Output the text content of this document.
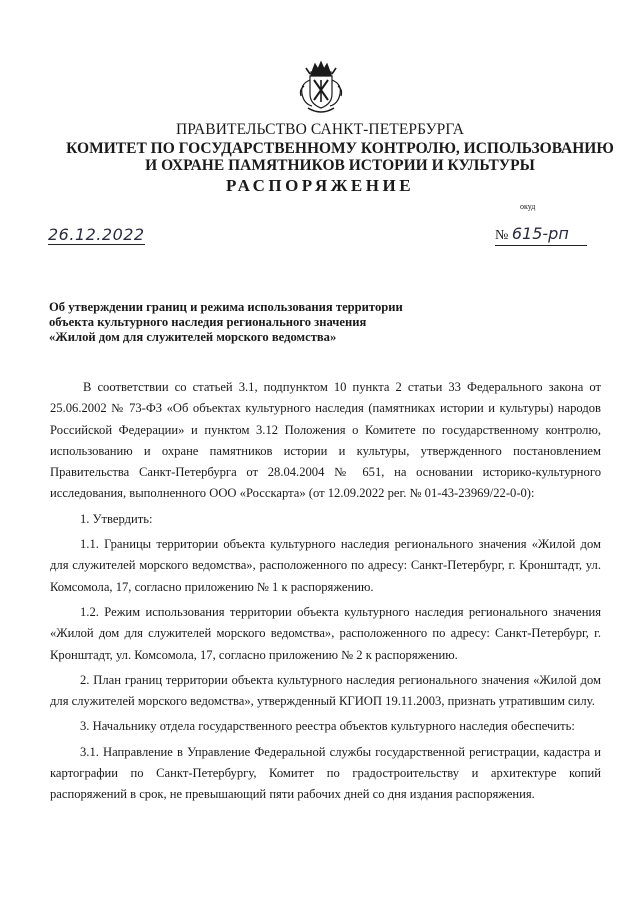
ПРАВИТЕЛЬСТВО САНКТ-ПЕТЕРБУРГА
КОМИТЕТ ПО ГОСУДАРСТВЕННОМУ КОНТРОЛЮ, ИСПОЛЬЗОВАНИЮ
И ОХРАНЕ ПАМЯТНИКОВ ИСТОРИИ И КУЛЬТУРЫ
РАСПОРЯЖЕНИЕ
окуд
26.12.2022	№ 615-рп
Об утверждении границ и режима использования территории
объекта культурного наследия регионального значения
«Жилой дом для служителей морского ведомства»

В соответствии со статьей 3.1, подпунктом 10 пункта 2 статьи 33 Федерального закона от 25.06.2002 № 73-ФЗ «Об объектах культурного наследия (памятниках истории и культуры) народов Российской Федерации» и пунктом 3.12 Положения о Комитете по государственному контролю, использованию и охране памятников истории и культуры, утвержденного постановлением Правительства Санкт-Петербурга от 28.04.2004 № 651, на основании историко-культурного исследования, выполненного ООО «Росскарта» (от 12.09.2022 рег. № 01-43-23969/22-0-0):

1. Утвердить:

1.1. Границы территории объекта культурного наследия регионального значения «Жилой дом для служителей морского ведомства», расположенного по адресу: Санкт-Петербург, г. Кронштадт, ул. Комсомола, 17, согласно приложению № 1 к распоряжению.

1.2. Режим использования территории объекта культурного наследия регионального значения «Жилой дом для служителей морского ведомства», расположенного по адресу: Санкт-Петербург, г. Кронштадт, ул. Комсомола, 17, согласно приложению № 2 к распоряжению.

2. План границ территории объекта культурного наследия регионального значения «Жилой дом для служителей морского ведомства», утвержденный КГИОП 19.11.2003, признать утратившим силу.

3. Начальнику отдела государственного реестра объектов культурного наследия обеспечить:

3.1. Направление в Управление Федеральной службы государственной регистрации, кадастра и картографии по Санкт-Петербургу, Комитет по градостроительству и архитектуре копий распоряжений в срок, не превышающий пяти рабочих дней со дня издания распоряжения.
